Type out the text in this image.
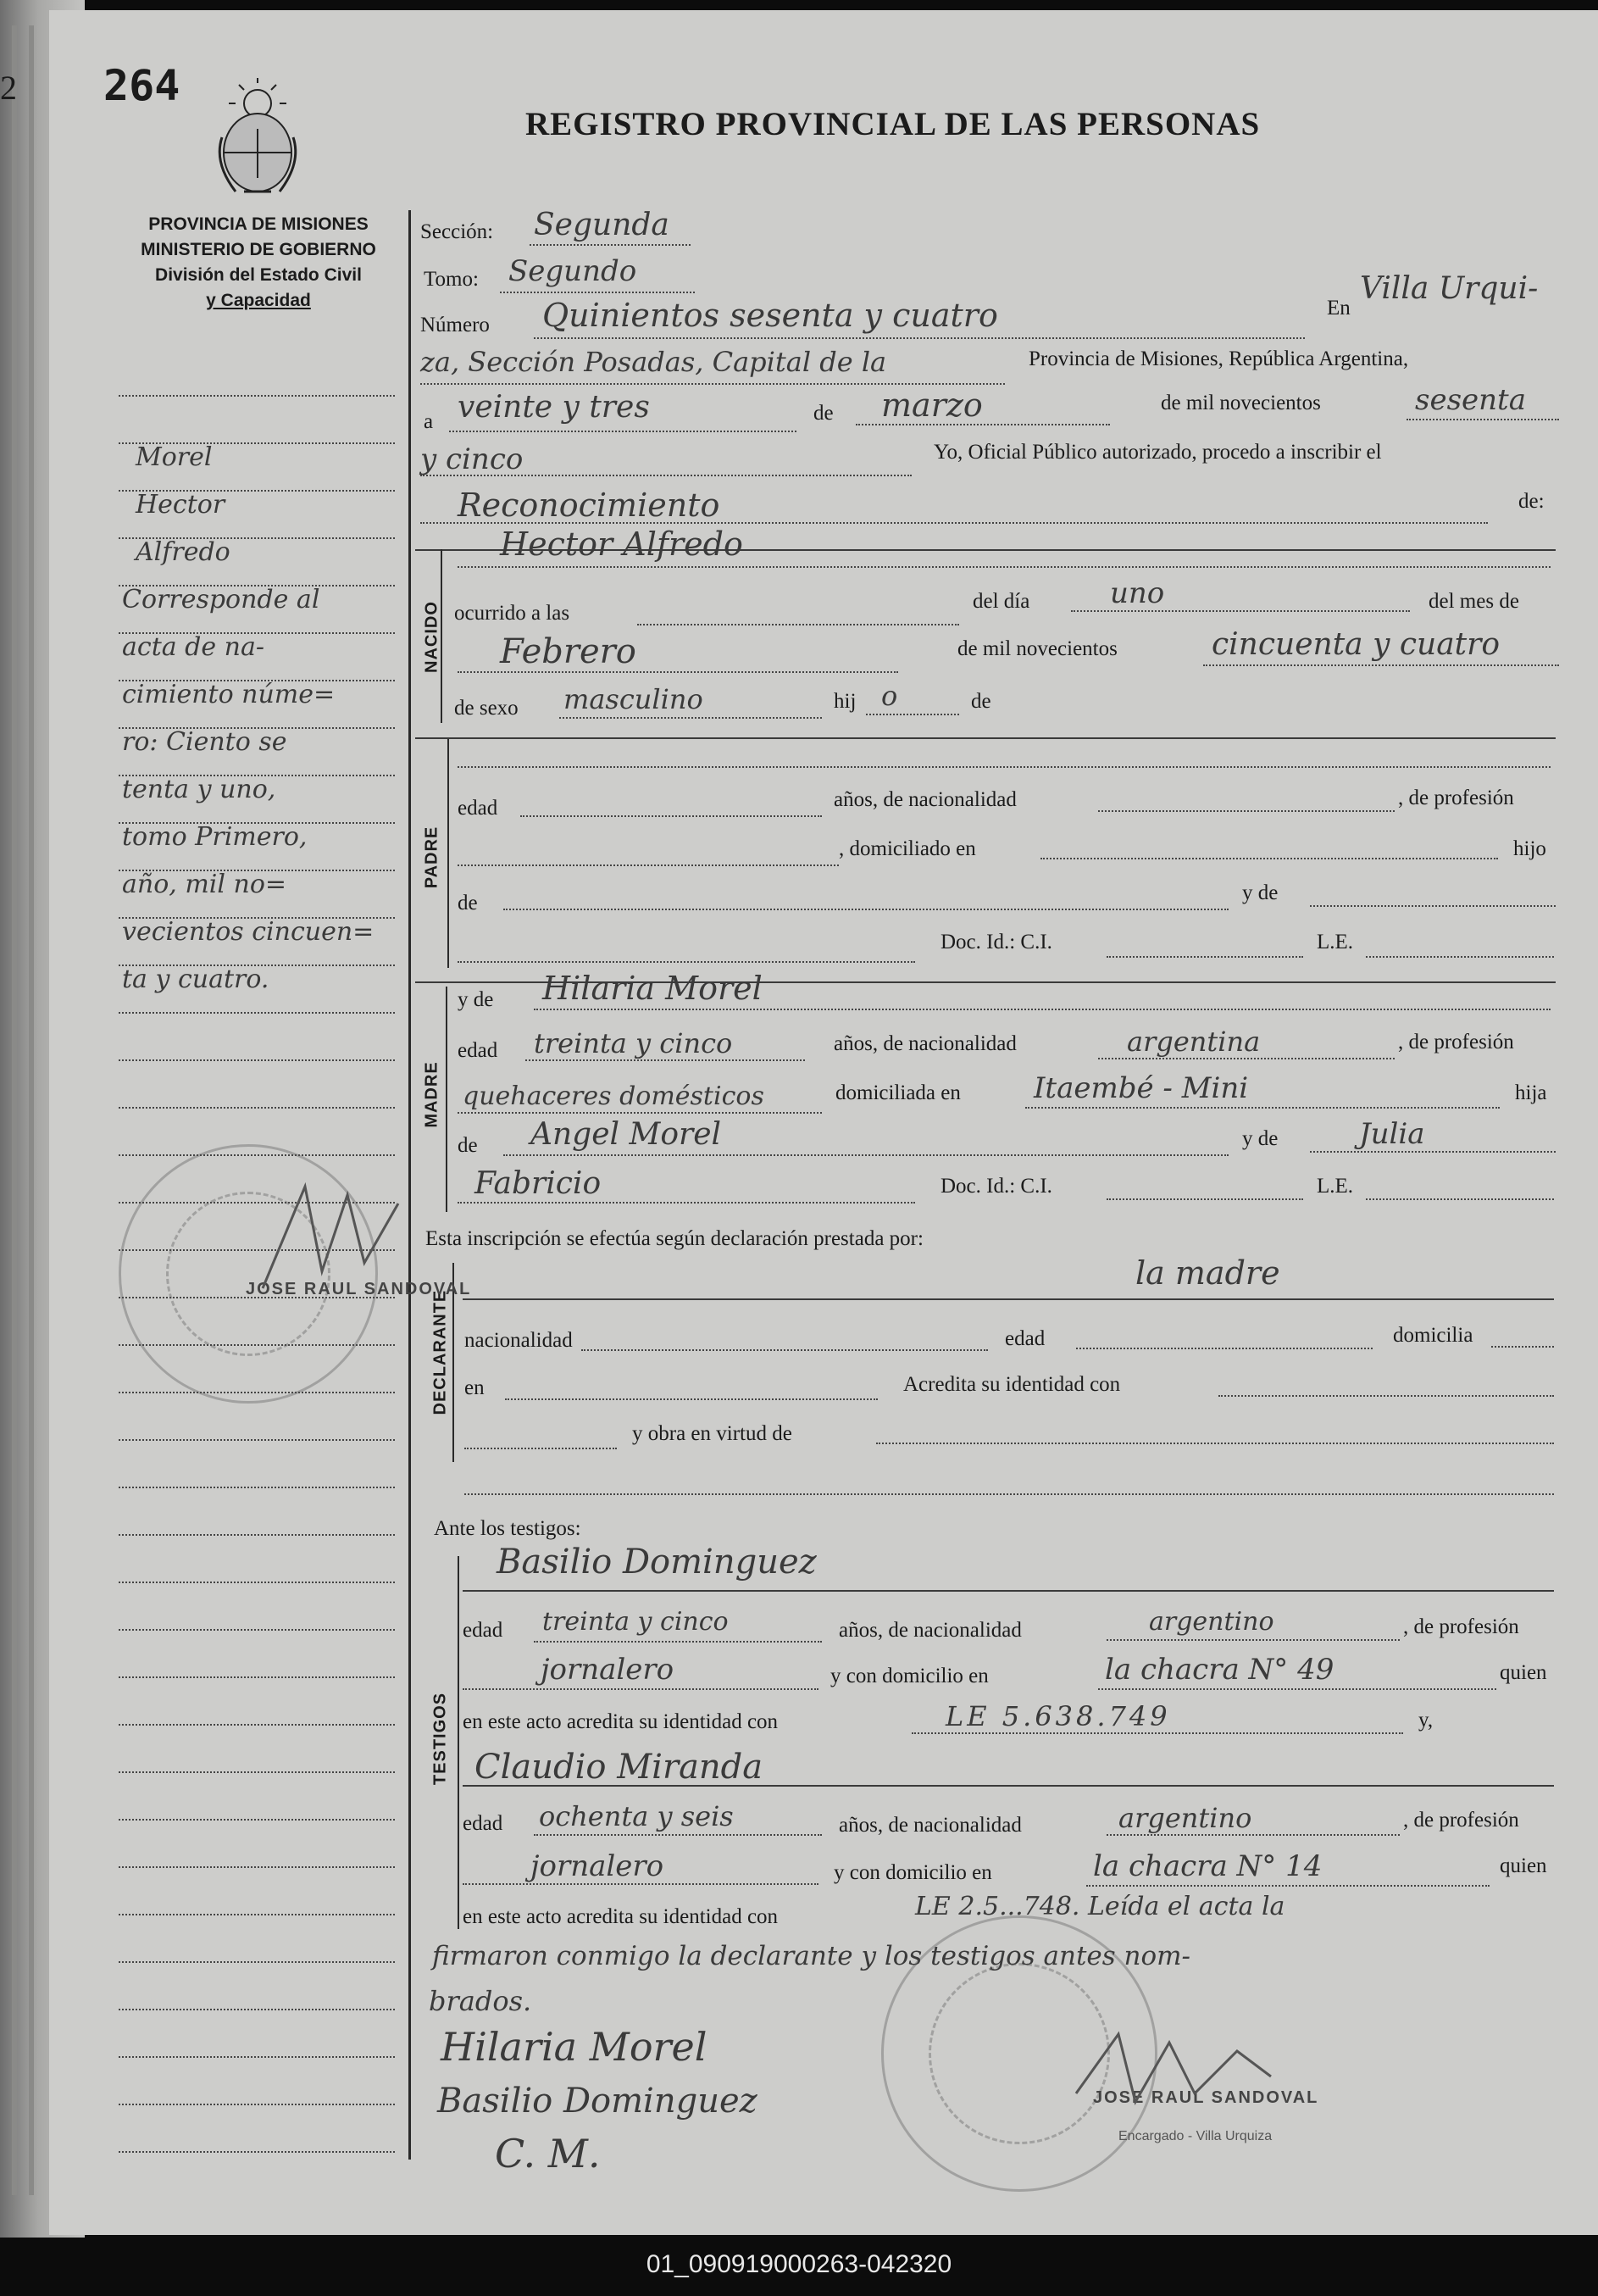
2 264
REGISTRO PROVINCIAL DE LAS PERSONAS
PROVINCIA DE MISIONES
MINISTERIO DE GOBIERNO
División del Estado Civil
y Capacidad
Morel
Hector
Alfredo
Corresponde al
acta de na-
cimiento núme=
ro: Ciento se
tenta y uno,
tomo Primero,
año, mil no=
vecientos cincuen=
ta y cuatro.
Sección: Segunda
Tomo: Segundo
Número Quinientos sesenta y cuatro	En
Villa Urqui-
za, Sección Posadas, Capital de la	Provincia de Misiones, República Argentina,
a veinte y tres	de marzo	de mil novecientos	sesenta
y cinco	Yo, Oficial Público autorizado, procedo a inscribir el
Reconocimiento	de:
NACIDO
Hector Alfredo
ocurrido a las
del día	uno	del mes de
Febrero	de mil novecientos	cincuenta y cuatro
de sexo masculino	hij o	de
PADRE
edad	años, de nacionalidad	, de profesión
, domiciliado en	hijo
de	y de
Doc. Id.: C.I.	L.E.
MADRE
y de Hilaria Morel
edad treinta y cinco	años, de nacionalidad	argentina	, de profesión
quehaceres domésticos	domiciliada en	Itaembé - Mini	hija
de Angel Morel	y de	Julia
Fabricio	Doc. Id.: C.I.	L.E.
Esta inscripción se efectúa según declaración prestada por:
DECLARANTE
la madre
nacionalidad	edad	domicilia
en	Acredita su identidad con
y obra en virtud de
Ante los testigos:
TESTIGOS
Basilio Dominguez
edad treinta y cinco	años, de nacionalidad	argentino	, de profesión
jornalero	y con domicilio en	la chacra N° 49	quien
en este acto acredita su identidad con	LE 5.638.749	y,
Claudio Miranda
edad ochenta y seis	años, de nacionalidad	argentino	, de profesión
jornalero	y con domicilio en	la chacra N° 14	quien
en este acto acredita su identidad con	LE 2.5...748. Leída el acta la
firmaron conmigo la declarante y los testigos antes nom-
brados.
Hilaria Morel
Basilio Dominguez
C. M.
JOSE RAUL SANDOVAL
JOSE RAUL SANDOVAL
Encargado - Villa Urquiza
01_090919000263-042320
